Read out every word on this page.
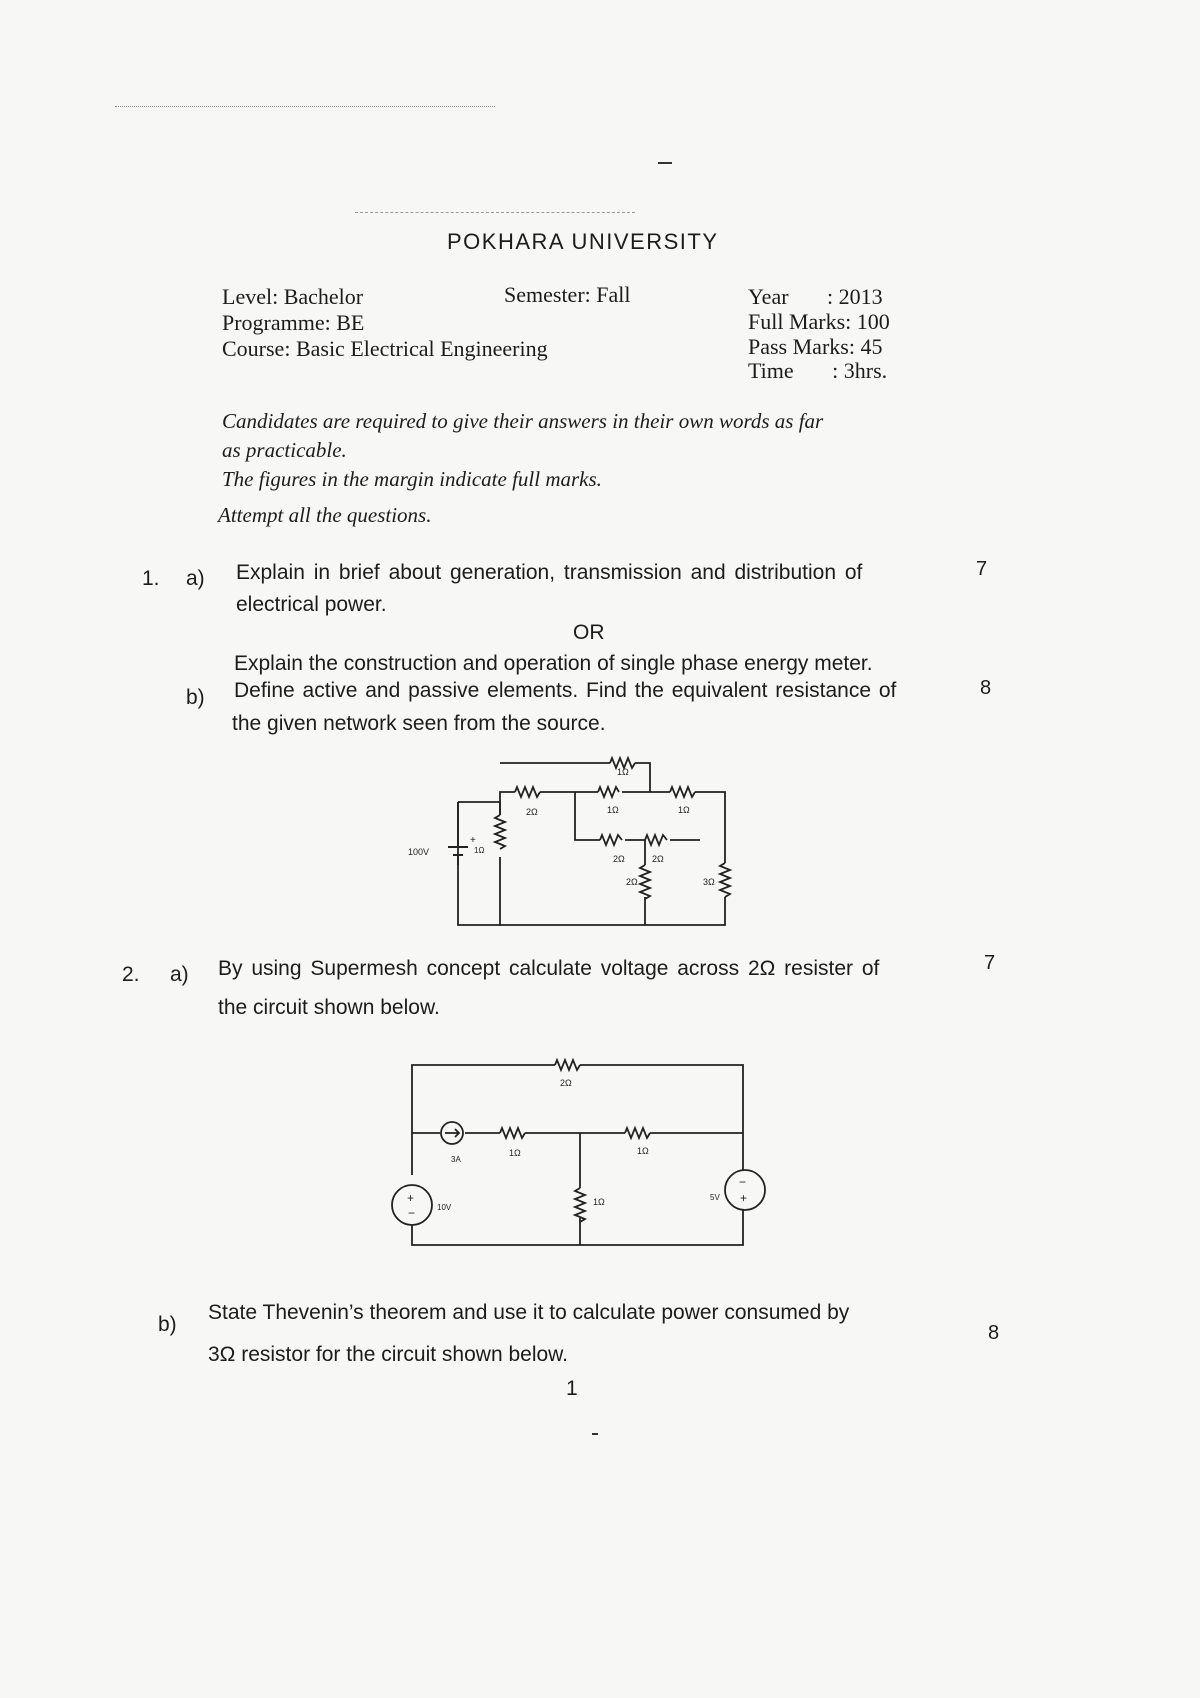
POKHARA UNIVERSITY
Level: Bachelor	Semester: Fall
Programme: BE
Course: Basic Electrical Engineering
Year       : 2013
Full Marks: 100
Pass Marks: 45
Time       : 3hrs.
Candidates are required to give their answers in their own words as far
as practicable.
The figures in the margin indicate full marks.
Attempt all the questions.
1. a) Explain in brief about generation, transmission and distribution of
electrical power.
7
OR
Explain the construction and operation of single phase energy meter.
b) Define active and passive elements. Find the equivalent resistance of
the given network seen from the source.
8
+
1Ω
2Ω	1Ω	1Ω
2Ω	2Ω
2Ω	3Ω
100V	1Ω
2. a) By using Supermesh concept calculate voltage across 2Ω resister of
the circuit shown below.
7
+
−
−
+
2Ω
1Ω	1Ω
1Ω
3A
10V
5V
b)
State Thevenin’s theorem and use it to calculate power consumed by
3Ω resistor for the circuit shown below.
8
1
